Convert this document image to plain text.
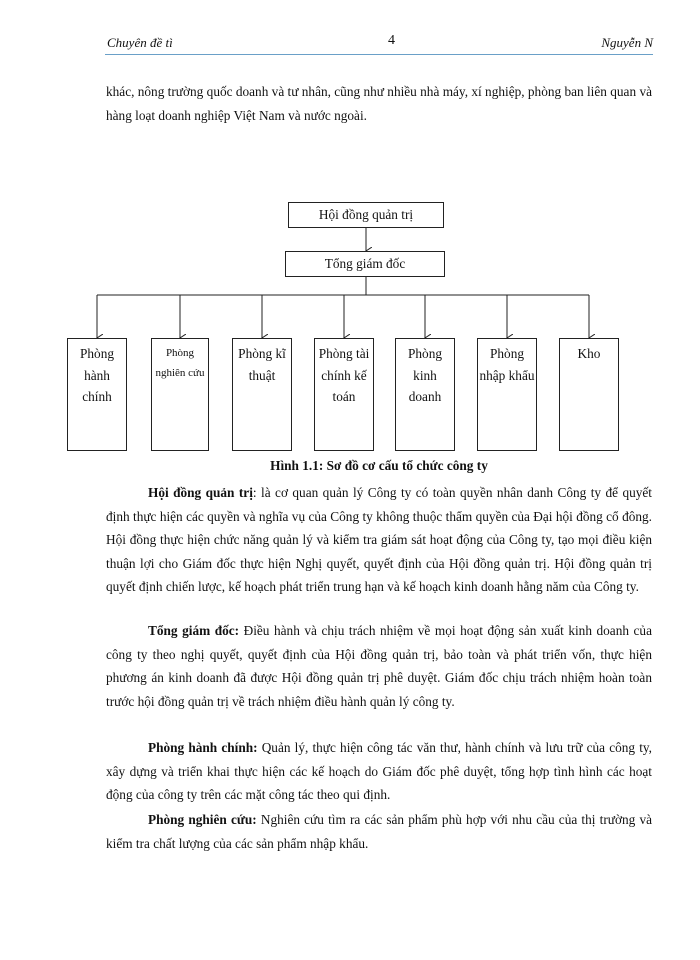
Chuyên đề tì	4	Nguyễn N

khác, nông trường quốc doanh và tư nhân, cũng như nhiều nhà máy, xí nghiệp, phòng ban liên quan và hàng loạt doanh nghiệp Việt Nam và nước ngoài.

Hội đồng quản trị
Tổng giám đốc
Phòng hành chính
Phòng nghiên cứu
Phòng kĩ thuật
Phòng tài chính kế toán
Phòng kinh doanh
Phòng nhập khẩu
Kho
Hình 1.1: Sơ đồ cơ cấu tổ chức công ty

Hội đồng quản trị: là cơ quan quản lý Công ty có toàn quyền nhân danh Công ty để quyết định thực hiện các quyền và nghĩa vụ của Công ty không thuộc thẩm quyền của Đại hội đồng cổ đông. Hội đồng thực hiện chức năng quản lý và kiểm tra giám sát hoạt động của Công ty, tạo mọi điều kiện thuận lợi cho Giám đốc thực hiện Nghị quyết, quyết định của Hội đồng quản trị. Hội đồng quản trị quyết định chiến lược, kế hoạch phát triển trung hạn và kế hoạch kinh doanh hằng năm của Công ty.

Tổng giám đốc: Điều hành và chịu trách nhiệm về mọi hoạt động sản xuất kinh doanh của công ty theo nghị quyết, quyết định của Hội đồng quản trị, bảo toàn và phát triển vốn, thực hiện phương án kinh doanh đã được Hội đồng quản trị phê duyệt. Giám đốc chịu trách nhiệm hoàn toàn trước hội đồng quản trị về trách nhiệm điều hành quản lý công ty.

Phòng hành chính: Quản lý, thực hiện công tác văn thư, hành chính và lưu trữ của công ty, xây dựng và triển khai thực hiện các kế hoạch do Giám đốc phê duyệt, tổng hợp tình hình các hoạt động của công ty trên các mặt công tác theo qui định.

Phòng nghiên cứu: Nghiên cứu tìm ra các sản phẩm phù hợp với nhu cầu của thị trường và kiểm tra chất lượng của các sản phẩm nhập khẩu.
